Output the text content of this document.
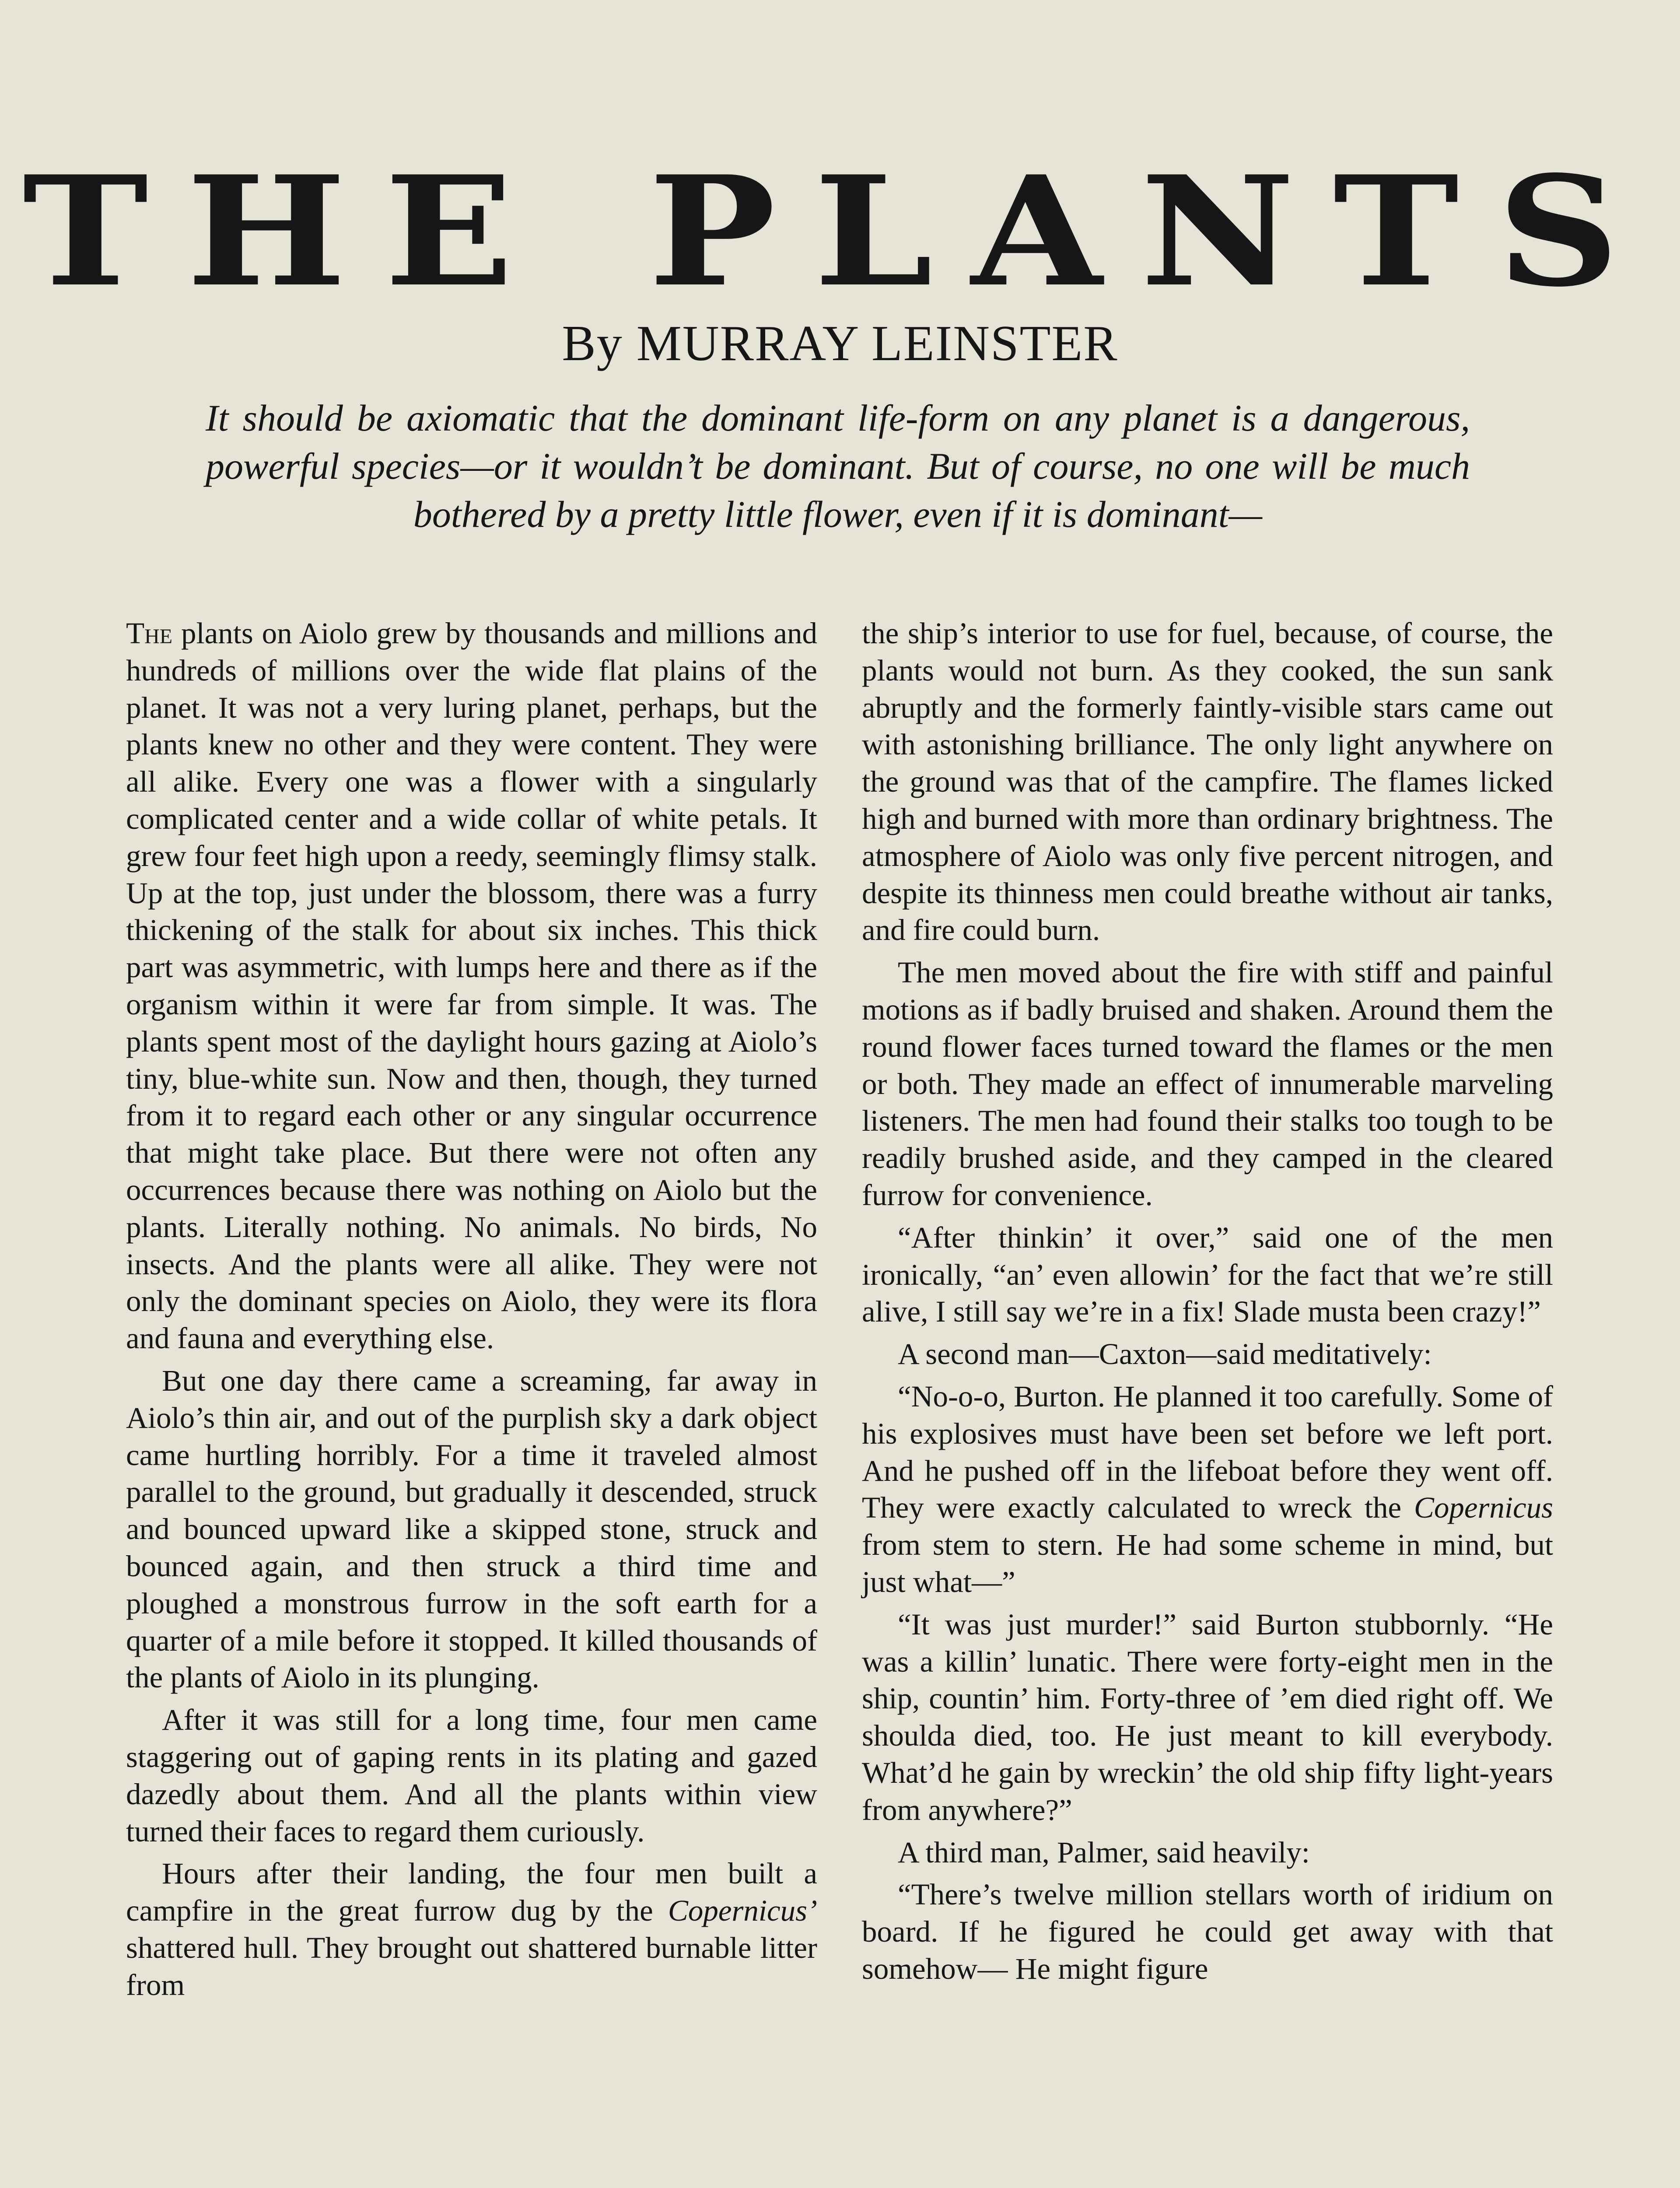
THE PLANTS
By MURRAY LEINSTER
It should be axiomatic that the dominant life-form on any planet is a dangerous, powerful species—or it wouldn’t be dominant. But of course, no one will be much bothered by a pretty little flower, even if it is dominant—

The plants on Aiolo grew by thousands and millions and hundreds of millions over the wide flat plains of the planet. It was not a very luring planet, perhaps, but the plants knew no other and they were content. They were all alike. Every one was a flower with a singularly complicated center and a wide collar of white petals. It grew four feet high upon a reedy, seemingly flimsy stalk. Up at the top, just under the blossom, there was a furry thickening of the stalk for about six inches. This thick part was asymmetric, with lumps here and there as if the organism within it were far from simple. It was. The plants spent most of the daylight hours gazing at Aiolo’s tiny, blue-white sun. Now and then, though, they turned from it to regard each other or any singular occurrence that might take place. But there were not often any occurrences because there was nothing on Aiolo but the plants. Literally nothing. No animals. No birds, No insects. And the plants were all alike. They were not only the dominant species on Aiolo, they were its flora and fauna and everything else.

But one day there came a screaming, far away in Aiolo’s thin air, and out of the purplish sky a dark object came hurtling horribly. For a time it traveled almost parallel to the ground, but gradually it descended, struck and bounced upward like a skipped stone, struck and bounced again, and then struck a third time and ploughed a monstrous furrow in the soft earth for a quarter of a mile before it stopped. It killed thousands of the plants of Aiolo in its plunging.

After it was still for a long time, four men came staggering out of gaping rents in its plating and gazed dazedly about them. And all the plants within view turned their faces to regard them curiously.

Hours after their landing, the four men built a campfire in the great furrow dug by the Copernicus’ shattered hull. They brought out shattered burnable litter from

the ship’s interior to use for fuel, because, of course, the plants would not burn. As they cooked, the sun sank abruptly and the formerly faintly-visible stars came out with astonishing brilliance. The only light anywhere on the ground was that of the campfire. The flames licked high and burned with more than ordinary brightness. The atmosphere of Aiolo was only five percent nitrogen, and despite its thinness men could breathe without air tanks, and fire could burn.

The men moved about the fire with stiff and painful motions as if badly bruised and shaken. Around them the round flower faces turned toward the flames or the men or both. They made an effect of innumerable marveling listeners. The men had found their stalks too tough to be readily brushed aside, and they camped in the cleared furrow for convenience.

“After thinkin’ it over,” said one of the men ironically, “an’ even allowin’ for the fact that we’re still alive, I still say we’re in a fix! Slade musta been crazy!”

A second man—Caxton—said meditatively:

“No-o-o, Burton. He planned it too carefully. Some of his explosives must have been set before we left port. And he pushed off in the lifeboat before they went off. They were exactly calculated to wreck the Copernicus from stem to stern. He had some scheme in mind, but just what—”

“It was just murder!” said Burton stubbornly. “He was a killin’ lunatic. There were forty-eight men in the ship, countin’ him. Forty-three of ’em died right off. We shoulda died, too. He just meant to kill everybody. What’d he gain by wreckin’ the old ship fifty light-years from anywhere?”

A third man, Palmer, said heavily:

“There’s twelve million stellars worth of iridium on board. If he figured he could get away with that somehow— He might figure
